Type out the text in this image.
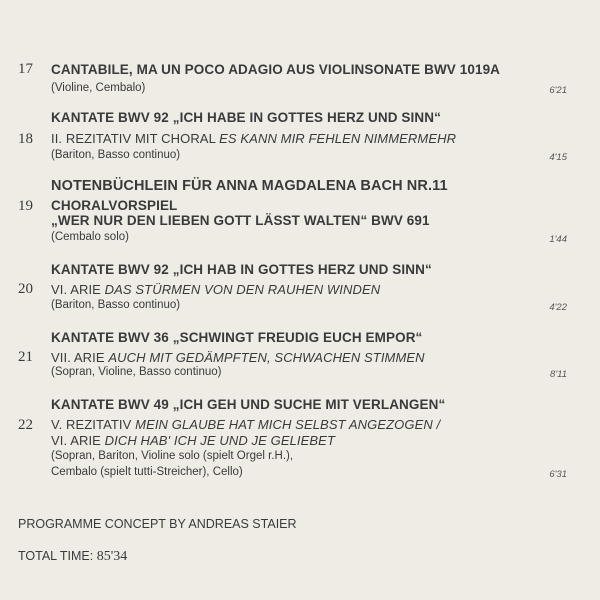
17 CANTABILE, MA UN POCO ADAGIO AUS VIOLINSONATE BWV 1019A
(Violine, Cembalo)	6'21
KANTATE BWV 92 „ICH HABE IN GOTTES HERZ UND SINN“
18 II. REZITATIV MIT CHORAL ES KANN MIR FEHLEN NIMMERMEHR
(Bariton, Basso continuo)	4'15
NOTENBÜCHLEIN FÜR ANNA MAGDALENA BACH NR.11
19 CHORALVORSPIEL
„WER NUR DEN LIEBEN GOTT LÄSST WALTEN“ BWV 691
(Cembalo solo)	1'44
KANTATE BWV 92 „ICH HAB IN GOTTES HERZ UND SINN“
20 VI. ARIE DAS STÜRMEN VON DEN RAUHEN WINDEN
(Bariton, Basso continuo)	4'22
KANTATE BWV 36 „SCHWINGT FREUDIG EUCH EMPOR“
21 VII. ARIE AUCH MIT GEDÄMPFTEN, SCHWACHEN STIMMEN
(Sopran, Violine, Basso continuo)	8'11
KANTATE BWV 49 „ICH GEH UND SUCHE MIT VERLANGEN“
22 V. REZITATIV MEIN GLAUBE HAT MICH SELBST ANGEZOGEN /
VI. ARIE DICH HAB' ICH JE UND JE GELIEBET
(Sopran, Bariton, Violine solo (spielt Orgel r.H.),
Cembalo (spielt tutti-Streicher), Cello)	6'31
PROGRAMME CONCEPT BY ANDREAS STAIER
TOTAL TIME: 85'34
